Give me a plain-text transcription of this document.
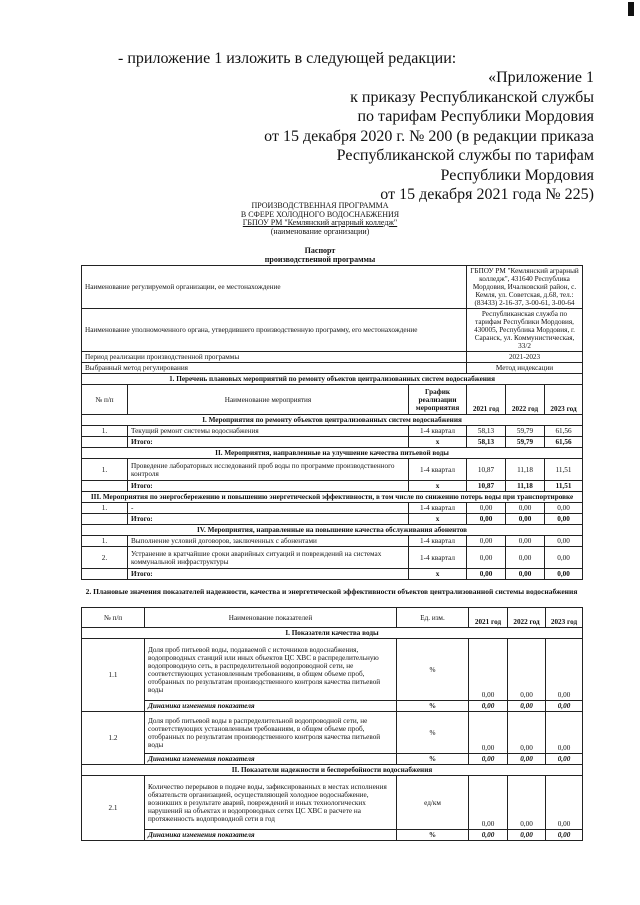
- приложение 1 изложить в следующей редакции:
«Приложение 1
к приказу Республиканской службы
по тарифам Республики Мордовия
от 15 декабря 2020 г. № 200 (в редакции приказа
Республиканской службы по тарифам
Республики Мордовия
от 15 декабря 2021 года № 225)
ПРОИЗВОДСТВЕННАЯ ПРОГРАММА
В СФЕРЕ ХОЛОДНОГО ВОДОСНАБЖЕНИЯ
ГБПОУ РМ "Кемлянский аграрный колледж"
(наименование организации)
Паспорт
производственной программы
Наименование регулируемой организации, ее местонахождение			ГБПОУ РМ "Кемлянский аграрный колледж", 431640 Республика Мордовия, Ичалковский район, с. Кемля, ул. Советская, д.68, тел.: (83433) 2-16-37, 3-00-61, 3-00-64		
Наименование уполномоченного органа, утвердившего производственную программу, его местонахождение			Республиканская служба по тарифам Республики Мордовия, 430005, Республика Мордовия, г. Саранск, ул. Коммунистическая, 33/2		
Период реализации производственной программы			2021-2023		
Выбранный метод регулирования			Метод индексации		
1. Перечень плановых мероприятий по ремонту объектов централизованных систем водоснабжения					
№ п/п	Наименование мероприятия	График реализации мероприятия	2021 год	2022 год	2023 год
I. Мероприятия по ремонту объектов централизованных систем водоснабжения					
1.	Текущий ремонт системы водоснабжения	1-4 квартал	58,13	59,79	61,56
	Итого:	x	58,13	59,79	61,56
II. Мероприятия, направленные на улучшение качества питьевой воды					
1.	Проведение лабораторных исследований проб воды по программе производственного контроля	1-4 квартал	10,87	11,18	11,51
	Итого:	x	10,87	11,18	11,51
III. Мероприятия по энергосбережению и повышению энергетической эффективности, в том числе по снижению потерь воды при транспортировке					
1.	-	1-4 квартал	0,00	0,00	0,00
	Итого:	x	0,00	0,00	0,00
IV. Мероприятия, направленные на повышение качества обслуживания абонентов					
1.	Выполнение условий договоров, заключенных с абонентами	1-4 квартал	0,00	0,00	0,00
2.	Устранение в кратчайшие сроки аварийных ситуаций и повреждений на системах коммунальной инфраструктуры	1-4 квартал	0,00	0,00	0,00
	Итого:	x	0,00	0,00	0,00
2. Плановые значения показателей надежности, качества и энергетической эффективности объектов централизованной системы водоснабжения
№ п/п	Наименование показателей	Ед. изм.	2021 год	2022 год	2023 год
I. Показатели качества воды					
1.1	Доля проб питьевой воды, подаваемой с источников водоснабжения, водопроводных станций или иных объектов ЦС ХВС в распределительную водопроводную сеть, в распределительной водопроводной сети, не соответствующих установленным требованиям, в общем объеме проб, отобранных по результатам производственного контроля качества питьевой воды	%	0,00	0,00	0,00
	Динамика изменения показателя	%	0,00	0,00	0,00
1.2	Доля проб питьевой воды в распределительной водопроводной сети, не соответствующих установленным требованиям, в общем объеме проб, отобранных по результатам производственного контроля качества питьевой воды	%	0,00	0,00	0,00
	Динамика изменения показателя	%	0,00	0,00	0,00
II. Показатели надежности и бесперебойности водоснабжения					
2.1	Количество перерывов в подаче воды, зафиксированных в местах исполнения обязательств организацией, осуществляющей холодное водоснабжение, возникших в результате аварий, повреждений и иных технологических нарушений на объектах и водопроводных сетях ЦС ХВС в расчете на протяженность водопроводной сети в год	ед/км	0,00	0,00	0,00
	Динамика изменения показателя	%	0,00	0,00	0,00
